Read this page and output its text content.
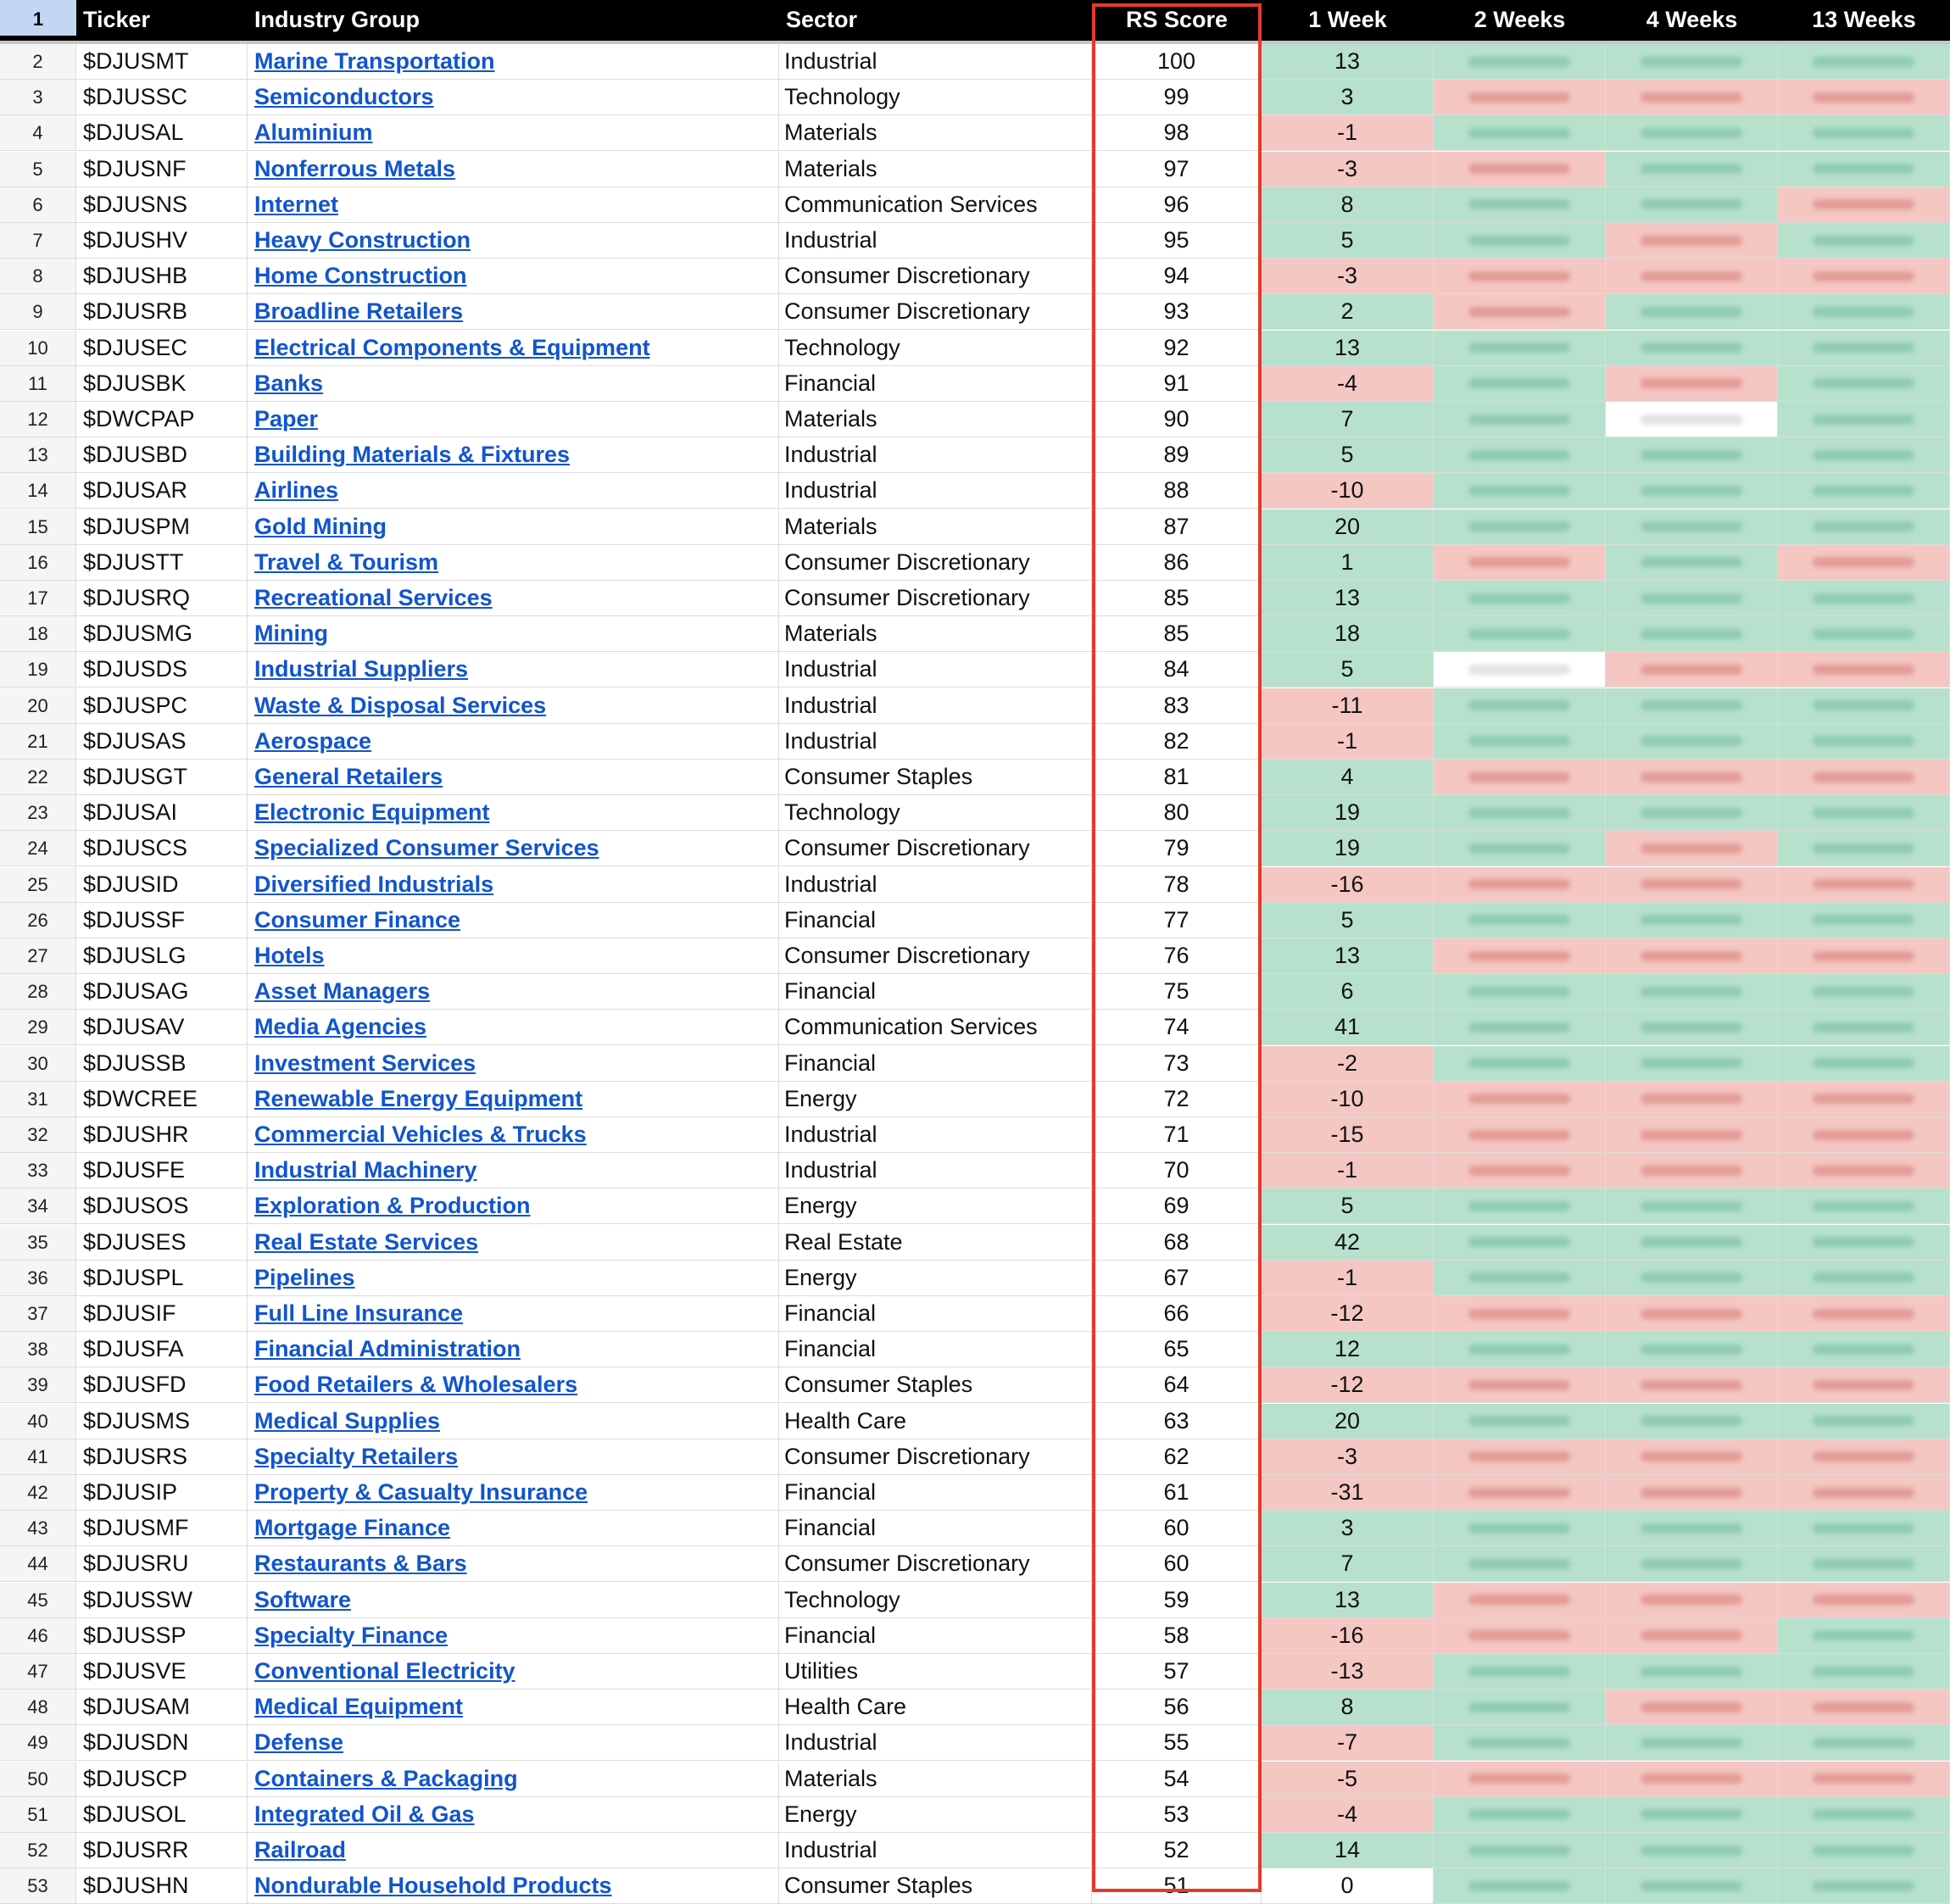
1	Ticker	Industry Group	Sector	RS Score	1 Week	2 Weeks	4 Weeks	13 Weeks
2	$DJUSMT	Marine Transportation	Industrial	100	13
3	$DJUSSC	Semiconductors	Technology	99	3
4	$DJUSAL	Aluminium	Materials	98	-1
5	$DJUSNF	Nonferrous Metals	Materials	97	-3
6	$DJUSNS	Internet	Communication Services	96	8
7	$DJUSHV	Heavy Construction	Industrial	95	5
8	$DJUSHB	Home Construction	Consumer Discretionary	94	-3
9	$DJUSRB	Broadline Retailers	Consumer Discretionary	93	2
10	$DJUSEC	Electrical Components & Equipment	Technology	92	13
11	$DJUSBK	Banks	Financial	91	-4
12	$DWCPAP	Paper	Materials	90	7
13	$DJUSBD	Building Materials & Fixtures	Industrial	89	5
14	$DJUSAR	Airlines	Industrial	88	-10
15	$DJUSPM	Gold Mining	Materials	87	20
16	$DJUSTT	Travel & Tourism	Consumer Discretionary	86	1
17	$DJUSRQ	Recreational Services	Consumer Discretionary	85	13
18	$DJUSMG	Mining	Materials	85	18
19	$DJUSDS	Industrial Suppliers	Industrial	84	5
20	$DJUSPC	Waste & Disposal Services	Industrial	83	-11
21	$DJUSAS	Aerospace	Industrial	82	-1
22	$DJUSGT	General Retailers	Consumer Staples	81	4
23	$DJUSAI	Electronic Equipment	Technology	80	19
24	$DJUSCS	Specialized Consumer Services	Consumer Discretionary	79	19
25	$DJUSID	Diversified Industrials	Industrial	78	-16
26	$DJUSSF	Consumer Finance	Financial	77	5
27	$DJUSLG	Hotels	Consumer Discretionary	76	13
28	$DJUSAG	Asset Managers	Financial	75	6
29	$DJUSAV	Media Agencies	Communication Services	74	41
30	$DJUSSB	Investment Services	Financial	73	-2
31	$DWCREE	Renewable Energy Equipment	Energy	72	-10
32	$DJUSHR	Commercial Vehicles & Trucks	Industrial	71	-15
33	$DJUSFE	Industrial Machinery	Industrial	70	-1
34	$DJUSOS	Exploration & Production	Energy	69	5
35	$DJUSES	Real Estate Services	Real Estate	68	42
36	$DJUSPL	Pipelines	Energy	67	-1
37	$DJUSIF	Full Line Insurance	Financial	66	-12
38	$DJUSFA	Financial Administration	Financial	65	12
39	$DJUSFD	Food Retailers & Wholesalers	Consumer Staples	64	-12
40	$DJUSMS	Medical Supplies	Health Care	63	20
41	$DJUSRS	Specialty Retailers	Consumer Discretionary	62	-3
42	$DJUSIP	Property & Casualty Insurance	Financial	61	-31
43	$DJUSMF	Mortgage Finance	Financial	60	3
44	$DJUSRU	Restaurants & Bars	Consumer Discretionary	60	7
45	$DJUSSW	Software	Technology	59	13
46	$DJUSSP	Specialty Finance	Financial	58	-16
47	$DJUSVE	Conventional Electricity	Utilities	57	-13
48	$DJUSAM	Medical Equipment	Health Care	56	8
49	$DJUSDN	Defense	Industrial	55	-7
50	$DJUSCP	Containers & Packaging	Materials	54	-5
51	$DJUSOL	Integrated Oil & Gas	Energy	53	-4
52	$DJUSRR	Railroad	Industrial	52	14
53	$DJUSHN	Nondurable Household Products	Consumer Staples	51	0
